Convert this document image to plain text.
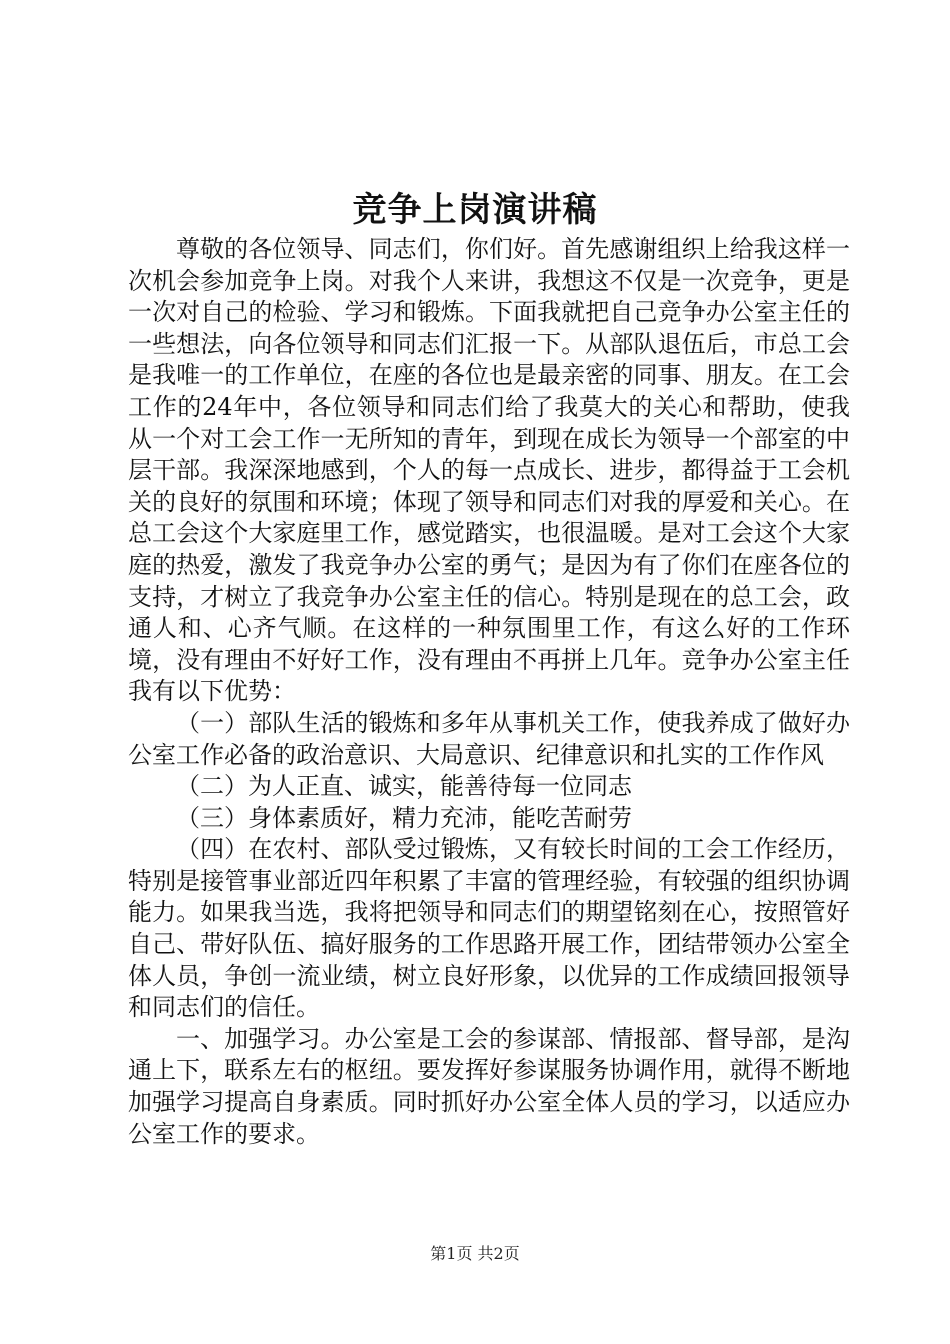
竞争上岗演讲稿

尊敬的各位领导、同志们，你们好。首先感谢组织上给我这样一次机会参加竞争上岗。对我个人来讲，我想这不仅是一次竞争，更是一次对自己的检验、学习和锻炼。下面我就把自己竞争办公室主任的一些想法，向各位领导和同志们汇报一下。从部队退伍后，市总工会是我唯一的工作单位，在座的各位也是最亲密的同事、朋友。在工会工作的24年中，各位领导和同志们给了我莫大的关心和帮助，使我从一个对工会工作一无所知的青年，到现在成长为领导一个部室的中层干部。我深深地感到，个人的每一点成长、进步，都得益于工会机关的良好的氛围和环境；体现了领导和同志们对我的厚爱和关心。在总工会这个大家庭里工作，感觉踏实，也很温暖。是对工会这个大家庭的热爱，激发了我竞争办公室的勇气；是因为有了你们在座各位的支持，才树立了我竞争办公室主任的信心。特别是现在的总工会，政通人和、心齐气顺。在这样的一种氛围里工作，有这么好的工作环境，没有理由不好好工作，没有理由不再拼上几年。竞争办公室主任我有以下优势：

（一）部队生活的锻炼和多年从事机关工作，使我养成了做好办公室工作必备的政治意识、大局意识、纪律意识和扎实的工作作风

（二）为人正直、诚实，能善待每一位同志

（三）身体素质好，精力充沛，能吃苦耐劳

（四）在农村、部队受过锻炼，又有较长时间的工会工作经历，特别是接管事业部近四年积累了丰富的管理经验，有较强的组织协调能力。如果我当选，我将把领导和同志们的期望铭刻在心，按照管好自己、带好队伍、搞好服务的工作思路开展工作，团结带领办公室全体人员，争创一流业绩，树立良好形象，以优异的工作成绩回报领导和同志们的信任。

一、加强学习。办公室是工会的参谋部、情报部、督导部，是沟通上下，联系左右的枢纽。要发挥好参谋服务协调作用，就得不断地加强学习提高自身素质。同时抓好办公室全体人员的学习，以适应办公室工作的要求。

第1页 共2页
